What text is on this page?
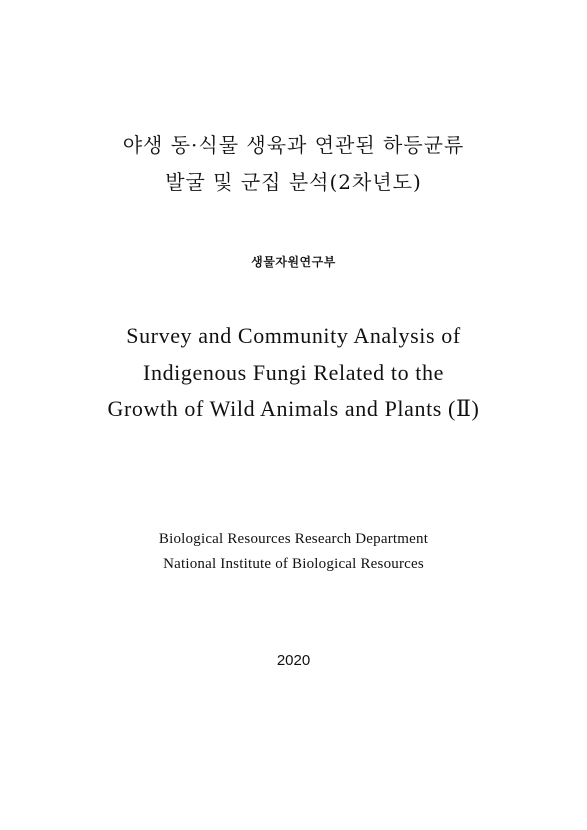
야생 동·식물 생육과 연관된 하등균류
발굴 및 군집 분석(2차년도)
생물자원연구부
Survey and Community Analysis of
Indigenous Fungi Related to the
Growth of Wild Animals and Plants (Ⅱ)
Biological Resources Research Department
National Institute of Biological Resources
2020
